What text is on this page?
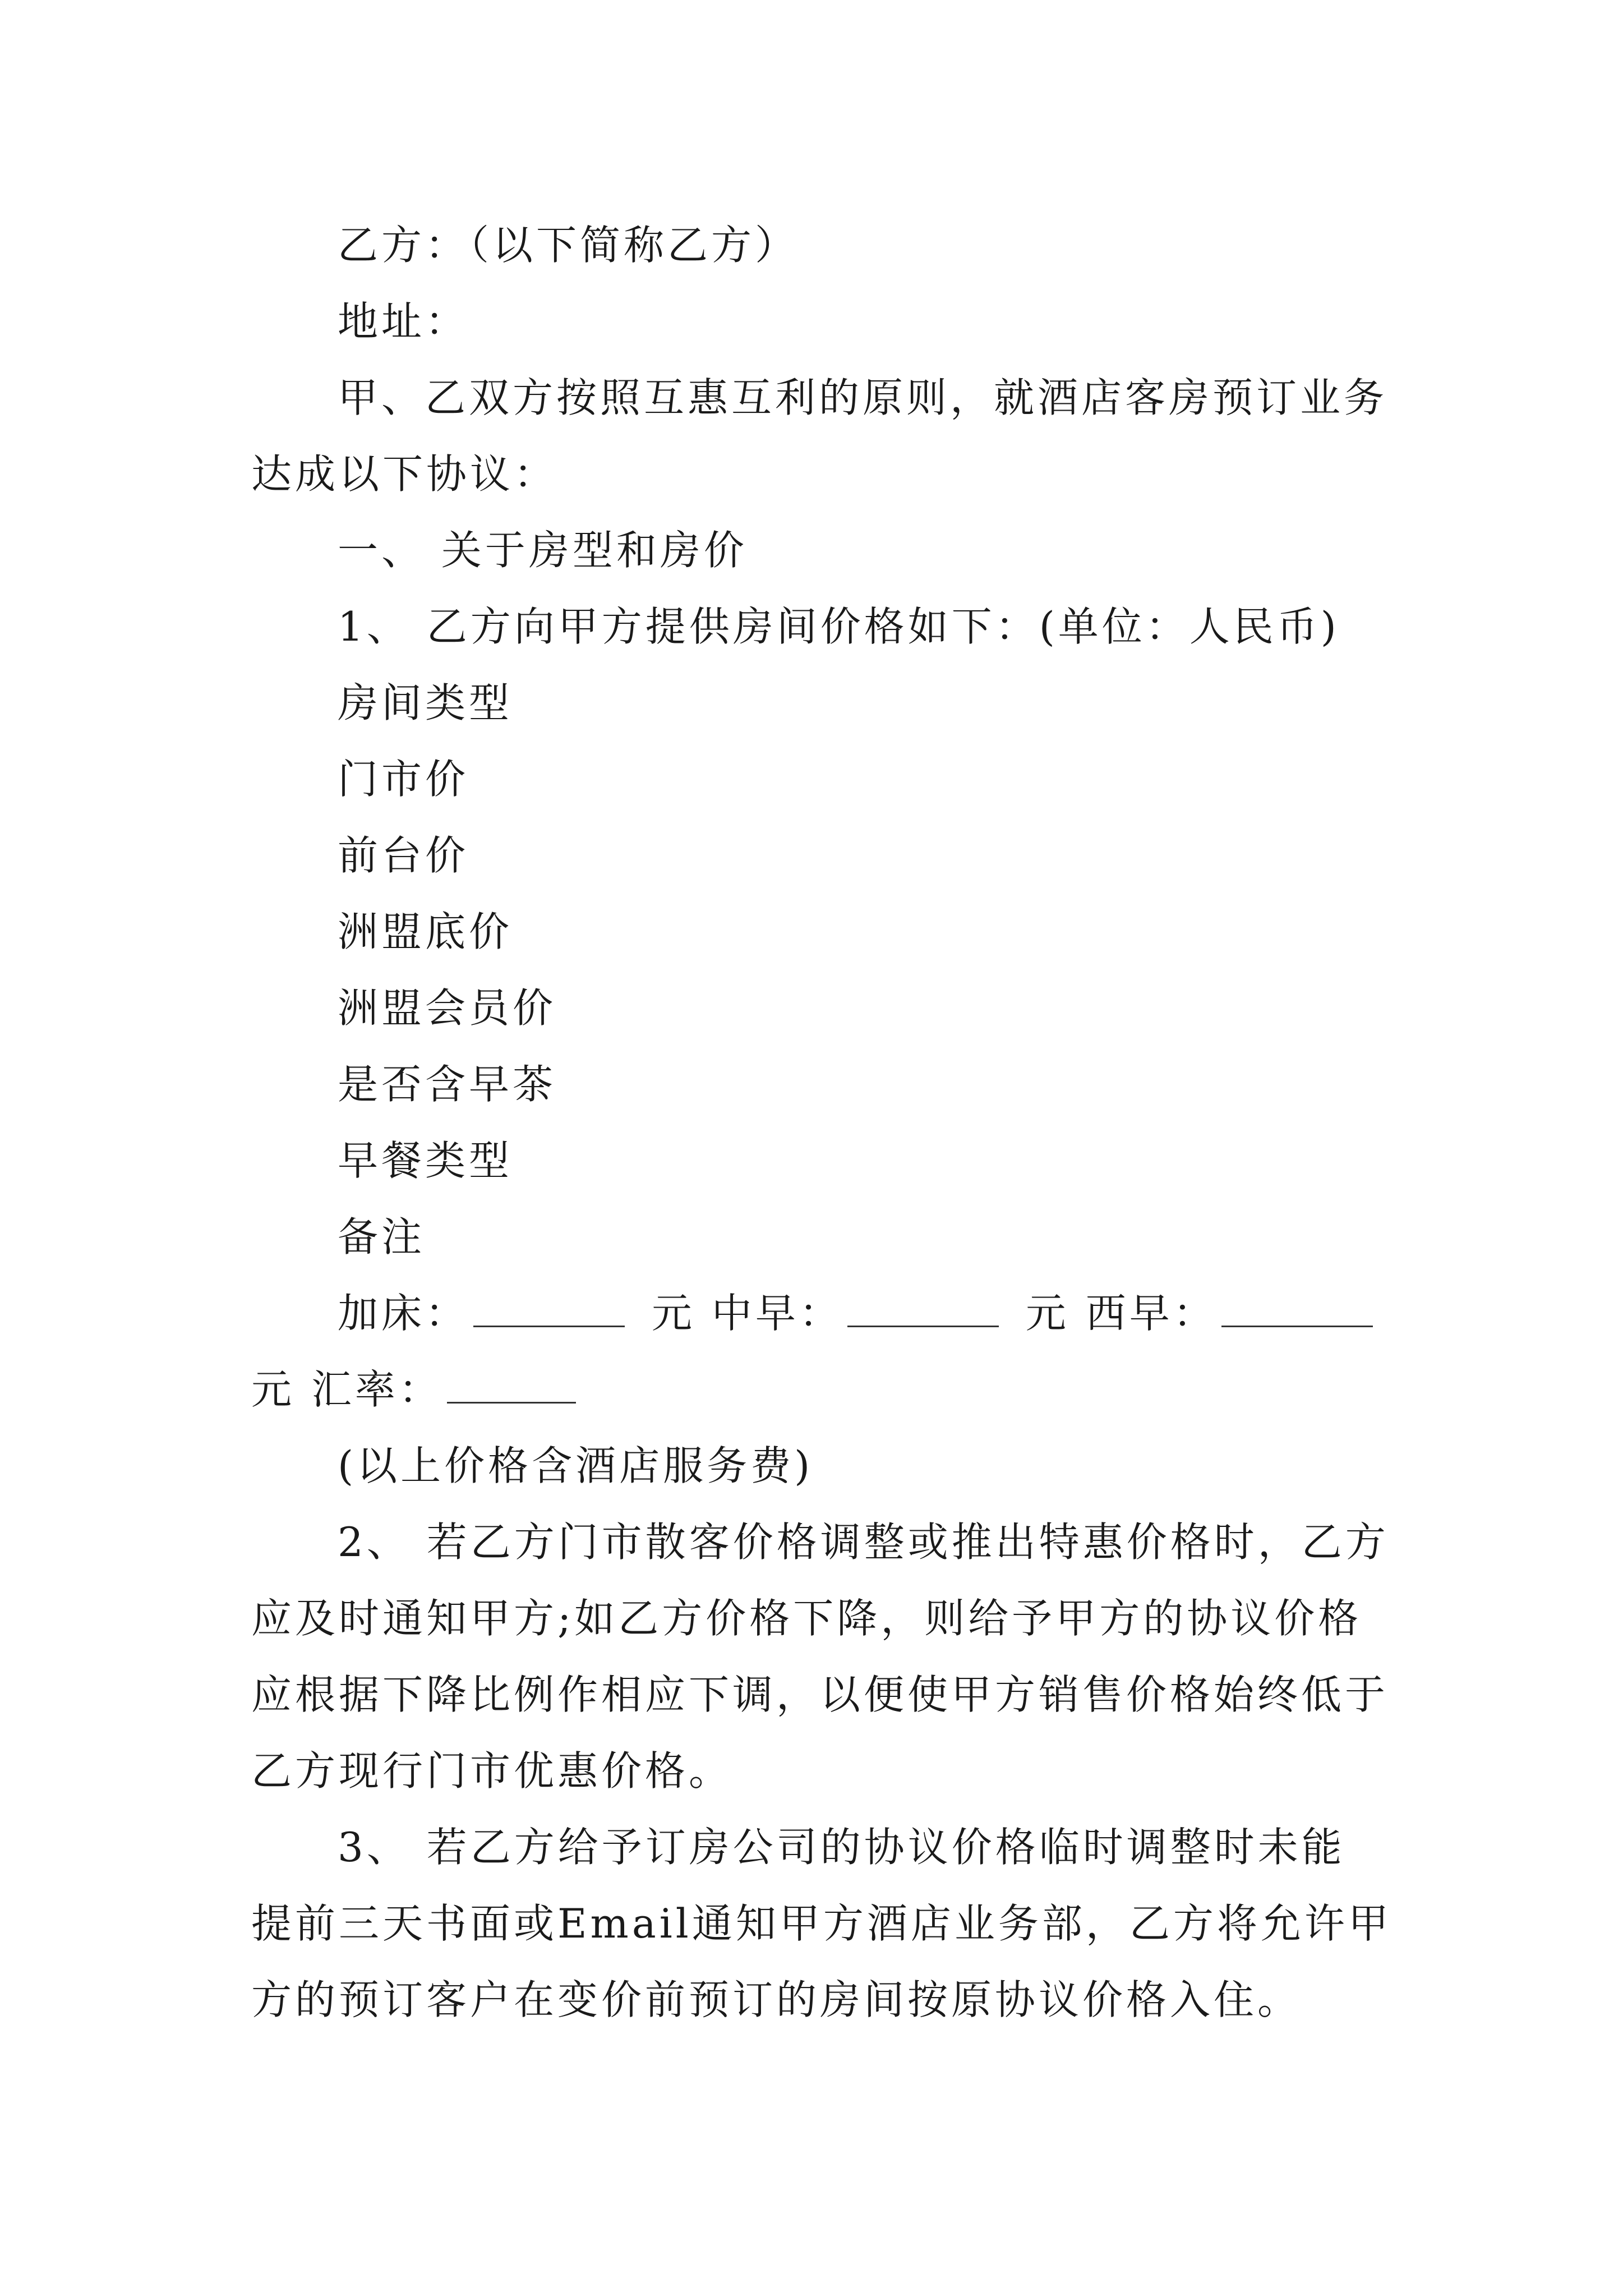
乙方：（以下简称乙方）
地址：
甲、乙双方按照互惠互利的原则，就酒店客房预订业务
达成以下协议：
一、 关于房型和房价
1、 乙方向甲方提供房间价格如下：(单位：人民币)
房间类型
门市价
前台价
洲盟底价
洲盟会员价
是否含早茶
早餐类型
备注
加床：	元 中早：	元 西早：
元 汇率：
(以上价格含酒店服务费)
2、 若乙方门市散客价格调整或推出特惠价格时，乙方
应及时通知甲方;如乙方价格下降，则给予甲方的协议价格
应根据下降比例作相应下调，以便使甲方销售价格始终低于
乙方现行门市优惠价格。
3、 若乙方给予订房公司的协议价格临时调整时未能
提前三天书面或Email通知甲方酒店业务部，乙方将允许甲
方的预订客户在变价前预订的房间按原协议价格入住。
